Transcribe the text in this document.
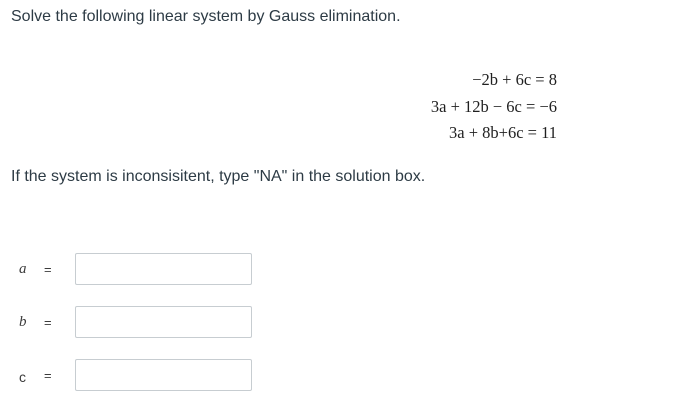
Solve the following linear system by Gauss elimination.
−2b + 6c = 8
3a + 12b − 6c = −6
3a + 8b+6c = 11
If the system is inconsisitent, type "NA" in the solution box.
a =
b =
c =
